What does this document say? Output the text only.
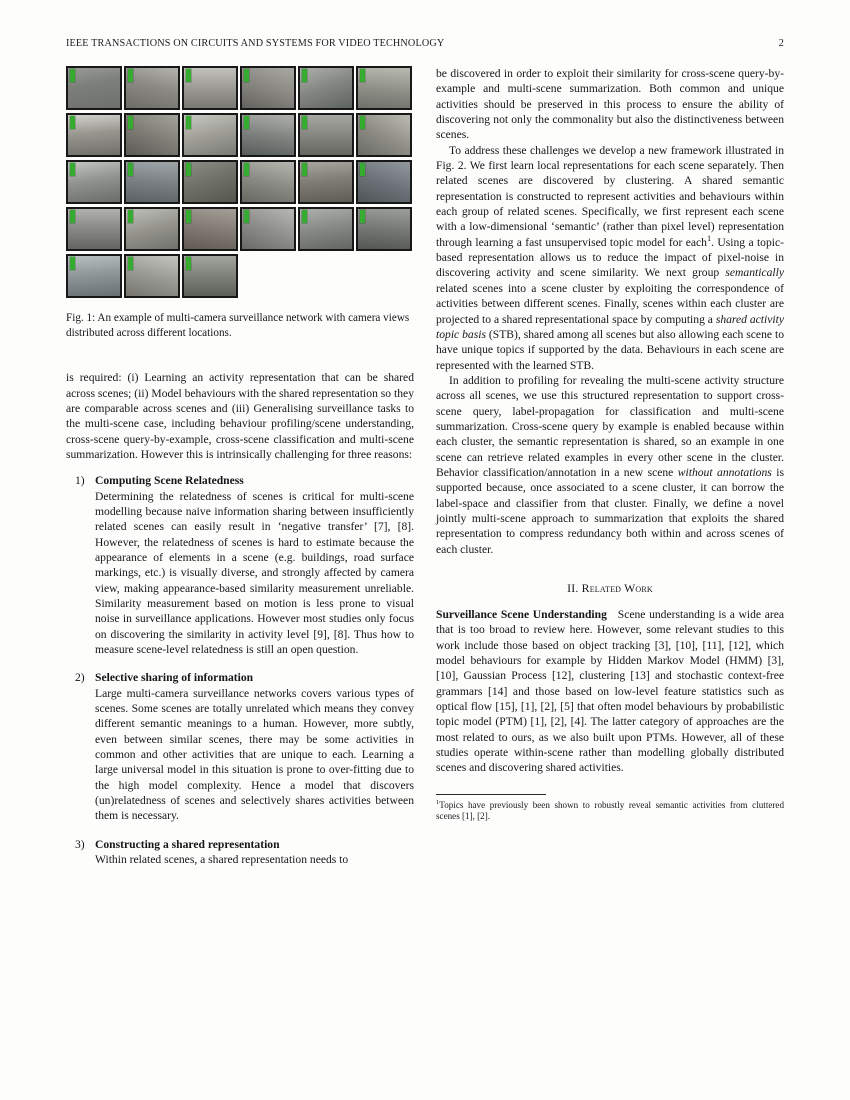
IEEE TRANSACTIONS ON CIRCUITS AND SYSTEMS FOR VIDEO TECHNOLOGY	2
Fig. 1: An example of multi-camera surveillance network with camera views distributed across different locations.

is required: (i) Learning an activity representation that can be shared across scenes; (ii) Model behaviours with the shared representation so they are comparable across scenes and (iii) Generalising surveillance tasks to the multi-scene case, including behaviour profiling/scene understanding, cross-scene query-by-example, cross-scene classification and multi-scene summarization. However this is intrinsically challenging for three reasons:

1) Computing Scene Relatedness
Determining the relatedness of scenes is critical for multi-scene modelling because naive information sharing between insufficiently related scenes can easily result in ‘negative transfer’ [7], [8]. However, the relatedness of scenes is hard to estimate because the appearance of elements in a scene (e.g. buildings, road surface markings, etc.) is visually diverse, and strongly affected by camera view, making appearance-based similarity measurement unreliable. Similarity measurement based on motion is less prone to visual noise in surveillance applications. However most studies only focus on discovering the similarity in activity level [9], [8]. Thus how to measure scene-level relatedness is still an open question.
2) Selective sharing of information
Large multi-camera surveillance networks covers various types of scenes. Some scenes are totally unrelated which means they convey different semantic meanings to a human. However, more subtly, even between similar scenes, there may be some activities in common and other activities that are unique to each. Learning a large universal model in this situation is prone to over-fitting due to the high model complexity. Hence a model that discovers (un)relatedness of scenes and selectively shares activities between them is necessary.
3) Constructing a shared representation
Within related scenes, a shared representation needs to

be discovered in order to exploit their similarity for cross-scene query-by-example and multi-scene summarization. Both common and unique activities should be preserved in this process to ensure the ability of discovering not only the commonality but also the distinctiveness between scenes.

To address these challenges we develop a new framework illustrated in Fig. 2. We first learn local representations for each scene separately. Then related scenes are discovered by clustering. A shared semantic representation is constructed to represent activities and behaviours within each group of related scenes. Specifically, we first represent each scene with a low-dimensional ‘semantic’ (rather than pixel level) representation through learning a fast unsupervised topic model for each$^1$. Using a topic-based representation allows us to reduce the impact of pixel-noise in discovering activity and scene similarity. We next group semantically related scenes into a scene cluster by exploiting the correspondence of activities between different scenes. Finally, scenes within each cluster are projected to a shared representational space by computing a shared activity topic basis (STB), shared among all scenes but also allowing each scene to have unique topics if supported by the data. Behaviours in each scene are represented with the learned STB.

In addition to profiling for revealing the multi-scene activity structure across all scenes, we use this structured representation to support cross-scene query, label-propagation for classification and multi-scene summarization. Cross-scene query by example is enabled because within each cluster, the semantic representation is shared, so an example in one scene can retrieve related examples in every other scene in the cluster. Behavior classification/annotation in a new scene without annotations is supported because, once associated to a scene cluster, it can borrow the label-space and classifier from that cluster. Finally, we define a novel jointly multi-scene approach to summarization that exploits the shared representation to compress redundancy both within and across scenes of each cluster.

II. Related Work

Surveillance Scene Understanding Scene understanding is a wide area that is too broad to review here. However, some relevant studies to this work include those based on object tracking [3], [10], [11], [12], which model behaviours for example by Hidden Markov Model (HMM) [3], [10], Gaussian Process [12], clustering [13] and stochastic context-free grammars [14] and those based on low-level feature statistics such as optical flow [15], [1], [2], [5] that often model behaviours by probabilistic topic model (PTM) [1], [2], [4]. The latter category of approaches are the most related to ours, as we also built upon PTMs. However, all of these studies operate within-scene rather than modelling globally distributed scenes and discovering shared activities.

$^1$Topics have previously been shown to robustly reveal semantic activities from cluttered scenes [1], [2].
